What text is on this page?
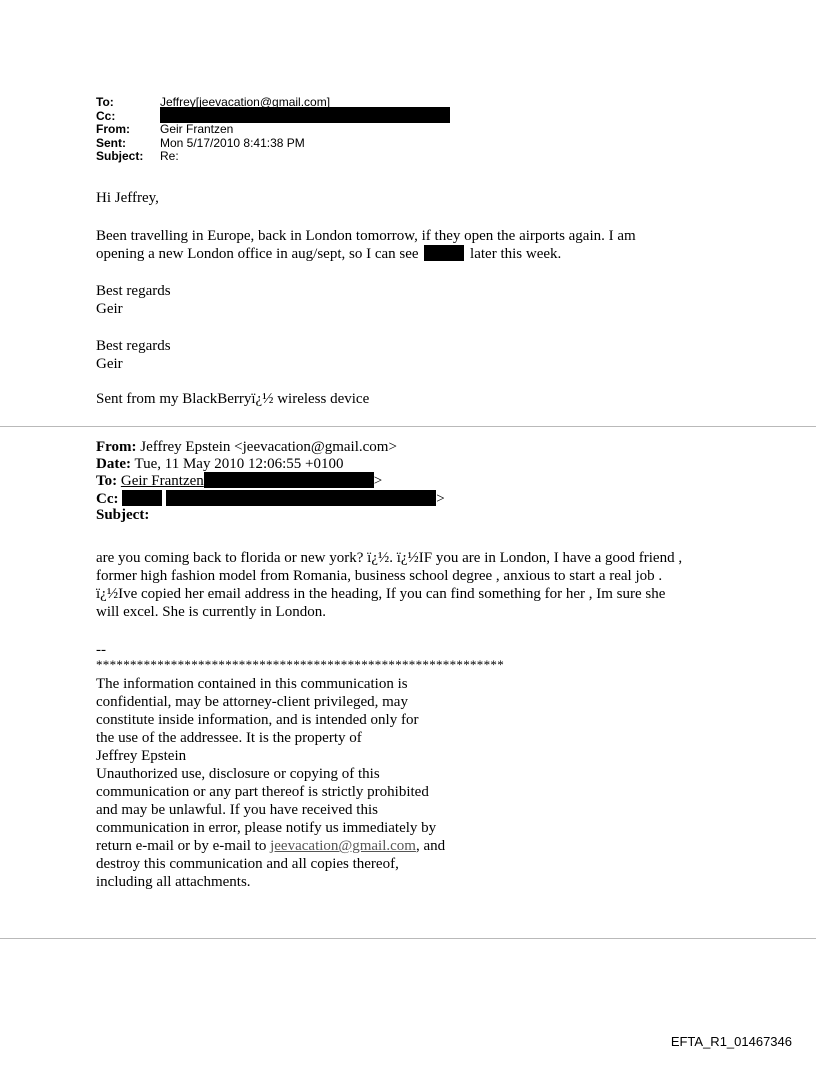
To:	Jeffrey[jeevacation@gmail.com]
Cc:
From:	Geir Frantzen
Sent:	Mon 5/17/2010 8:41:38 PM
Subject:	Re:
Hi Jeffrey,
Been travelling in Europe, back in London tomorrow, if they open the airports again. I am
opening a new London office in aug/sept, so I can see	later this week.
Best regards
Geir
Best regards
Geir
Sent from my BlackBerryï¿½ wireless device
From: Jeffrey Epstein <jeevacation@gmail.com>
Date: Tue, 11 May 2010 12:06:55 +0100
To: Geir Frantzen	>
Cc:	>
Subject:
are you coming back to florida or new york? ï¿½. ï¿½IF you are in London, I have a good friend ,
former high fashion model from Romania, business school degree , anxious to start a real job .
ï¿½Ive copied her email address in the heading, If you can find something for her , Im sure she
will excel. She is currently in London.
--
************************************************************
The information contained in this communication is
confidential, may be attorney-client privileged, may
constitute inside information, and is intended only for
the use of the addressee. It is the property of
Jeffrey Epstein
Unauthorized use, disclosure or copying of this
communication or any part thereof is strictly prohibited
and may be unlawful. If you have received this
communication in error, please notify us immediately by
return e-mail or by e-mail to jeevacation@gmail.com, and
destroy this communication and all copies thereof,
including all attachments.
EFTA_R1_01467346
